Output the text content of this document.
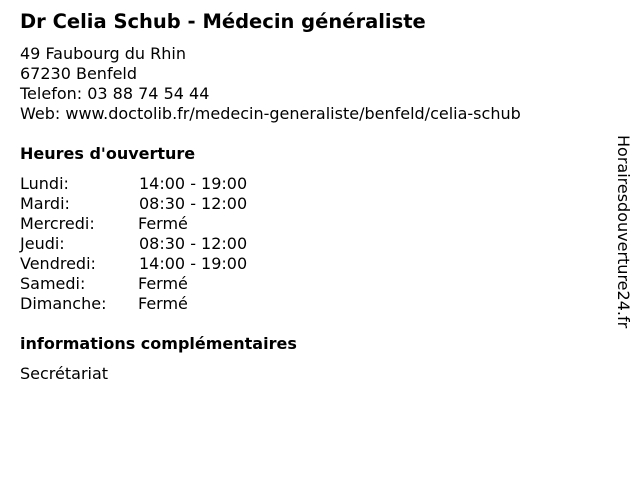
Dr Celia Schub - Médecin généraliste
49 Faubourg du Rhin
67230 Benfeld
Telefon: 03 88 74 54 44
Web: www.doctolib.fr/medecin-generaliste/benfeld/celia-schub
Heures d'ouverture
Lundi:	14:00 - 19:00
Mardi:	08:30 - 12:00
Mercredi:	Fermé
Jeudi:	08:30 - 12:00
Vendredi:	14:00 - 19:00
Samedi:	Fermé
Dimanche: Fermé
informations complémentaires
Secrétariat
Horairesdouverture24.fr
